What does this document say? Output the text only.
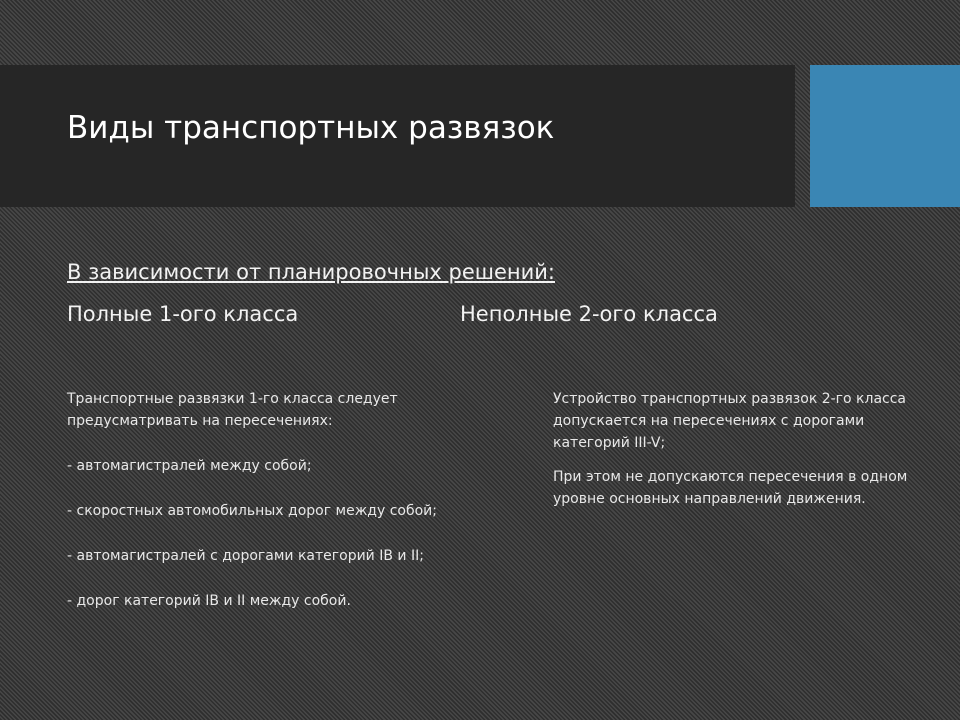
Виды транспортных развязок
В зависимости от планировочных решений:
Полные 1-ого класса	Неполные 2-ого класса

Транспортные развязки 1-го класса следует предусматривать на пересечениях:

- автомагистралей между собой;

- скоростных автомобильных дорог между собой;

- автомагистралей с дорогами категорий IB и II;

- дорог категорий IB и II между собой.

Устройство транспортных развязок 2-го класса допускается на пересечениях с дорогами категорий III-V;

При этом не допускаются пересечения в одном уровне основных направлений движения.
